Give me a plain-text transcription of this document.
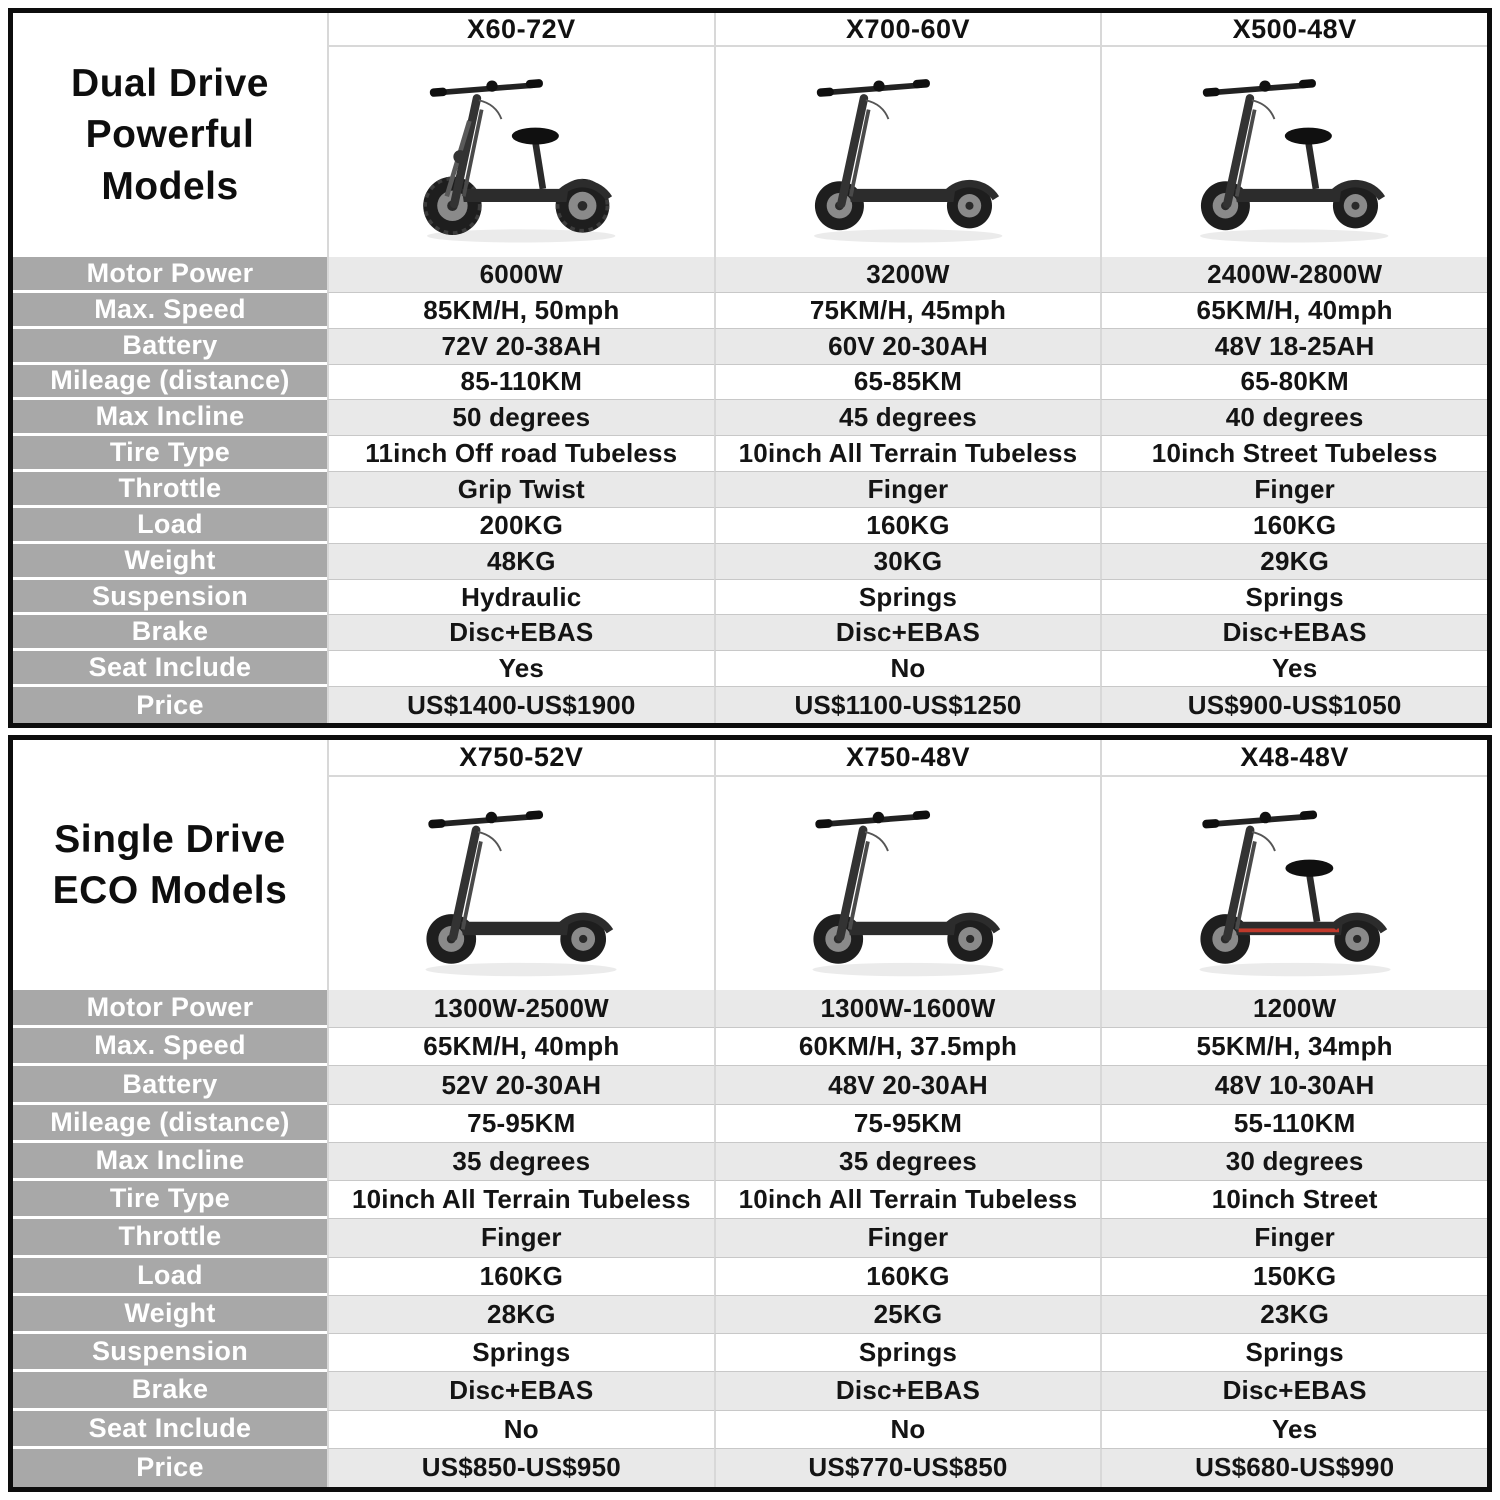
Dual Drive Powerful Models
X60-72V	X700-60V	X500-48V
Motor Power	6000W	3200W	2400W-2800W
Max. Speed	85KM/H, 50mph	75KM/H, 45mph	65KM/H, 40mph
Battery	72V 20-38AH	60V 20-30AH	48V 18-25AH
Mileage (distance)	85-110KM	65-85KM	65-80KM
Max Incline	50 degrees	45 degrees	40 degrees
Tire Type	11inch Off road Tubeless	10inch All Terrain Tubeless	10inch Street Tubeless
Throttle	Grip Twist	Finger	Finger
Load	200KG	160KG	160KG
Weight	48KG	30KG	29KG
Suspension	Hydraulic	Springs	Springs
Brake	Disc+EBAS	Disc+EBAS	Disc+EBAS
Seat Include	Yes	No	Yes
Price	US$1400-US$1900	US$1100-US$1250	US$900-US$1050
Single Drive ECO Models
X750-52V	X750-48V	X48-48V
Motor Power	1300W-2500W	1300W-1600W	1200W
Max. Speed	65KM/H, 40mph	60KM/H, 37.5mph	55KM/H, 34mph
Battery	52V 20-30AH	48V 20-30AH	48V 10-30AH
Mileage (distance)	75-95KM	75-95KM	55-110KM
Max Incline	35 degrees	35 degrees	30 degrees
Tire Type	10inch All Terrain Tubeless	10inch All Terrain Tubeless	10inch Street
Throttle	Finger	Finger	Finger
Load	160KG	160KG	150KG
Weight	28KG	25KG	23KG
Suspension	Springs	Springs	Springs
Brake	Disc+EBAS	Disc+EBAS	Disc+EBAS
Seat Include	No	No	Yes
Price	US$850-US$950	US$770-US$850	US$680-US$990
